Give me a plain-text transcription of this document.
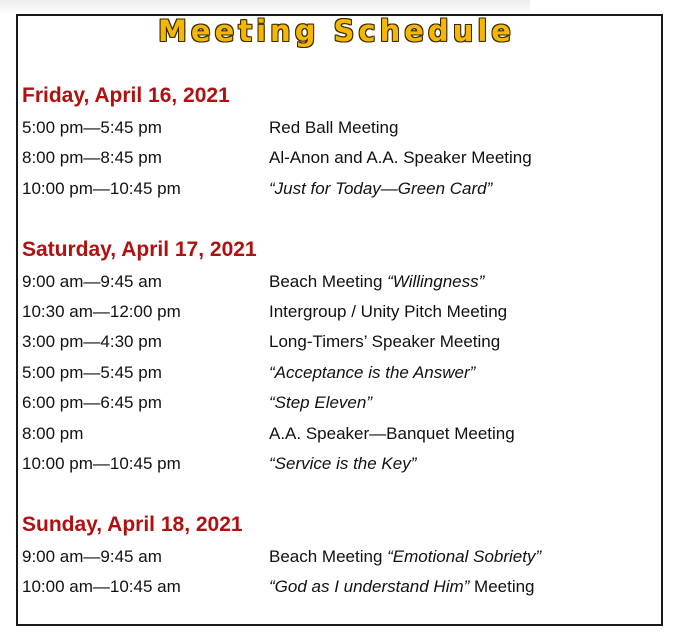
Meeting Schedule
Friday, April 16, 2021
5:00 pm—5:45 pm	Red Ball Meeting
8:00 pm—8:45 pm	Al-Anon and A.A. Speaker Meeting
10:00 pm—10:45 pm	“Just for Today—Green Card”
Saturday, April 17, 2021
9:00 am—9:45 am	Beach Meeting “Willingness”
10:30 am—12:00 pm	Intergroup / Unity Pitch Meeting
3:00 pm—4:30 pm	Long-Timers’ Speaker Meeting
5:00 pm—5:45 pm	“Acceptance is the Answer”
6:00 pm—6:45 pm	“Step Eleven”
8:00 pm	A.A. Speaker—Banquet Meeting
10:00 pm—10:45 pm	“Service is the Key”
Sunday, April 18, 2021
9:00 am—9:45 am	Beach Meeting “Emotional Sobriety”
10:00 am—10:45 am	“God as I understand Him” Meeting
